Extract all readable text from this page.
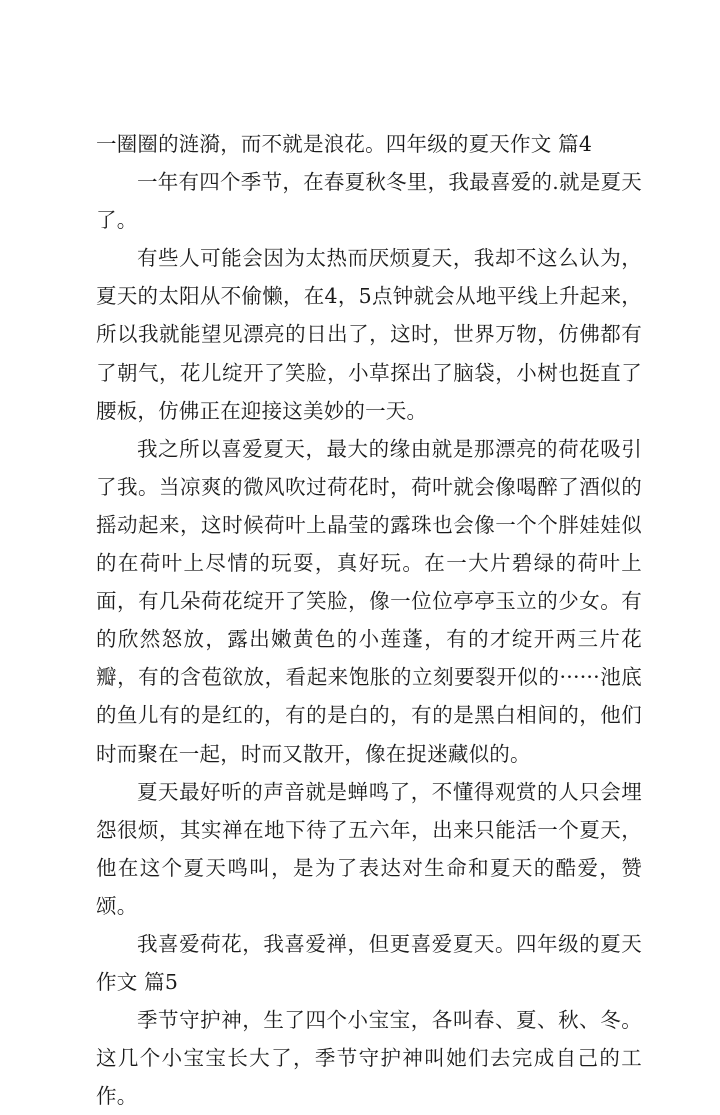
一圈圈的涟漪，而不就是浪花。四年级的夏天作文 篇4

一年有四个季节，在春夏秋冬里，我最喜爱的.就是夏天了。

有些人可能会因为太热而厌烦夏天，我却不这么认为，夏天的太阳从不偷懒，在4，5点钟就会从地平线上升起来，所以我就能望见漂亮的日出了，这时，世界万物，仿佛都有了朝气，花儿绽开了笑脸，小草探出了脑袋，小树也挺直了腰板，仿佛正在迎接这美妙的一天。

我之所以喜爱夏天，最大的缘由就是那漂亮的荷花吸引了我。当凉爽的微风吹过荷花时，荷叶就会像喝醉了酒似的摇动起来，这时候荷叶上晶莹的露珠也会像一个个胖娃娃似的在荷叶上尽情的玩耍，真好玩。在一大片碧绿的荷叶上面，有几朵荷花绽开了笑脸，像一位位亭亭玉立的少女。有的欣然怒放，露出嫩黄色的小莲蓬，有的才绽开两三片花瓣，有的含苞欲放，看起来饱胀的立刻要裂开似的······池底的鱼儿有的是红的，有的是白的，有的是黑白相间的，他们时而聚在一起，时而又散开，像在捉迷藏似的。

夏天最好听的声音就是蝉鸣了，不懂得观赏的人只会埋怨很烦，其实禅在地下待了五六年，出来只能活一个夏天，他在这个夏天鸣叫，是为了表达对生命和夏天的酷爱，赞颂。

我喜爱荷花，我喜爱禅，但更喜爱夏天。四年级的夏天作文 篇5

季节守护神，生了四个小宝宝，各叫春、夏、秋、冬。这几个小宝宝长大了，季节守护神叫她们去完成自己的工作。
